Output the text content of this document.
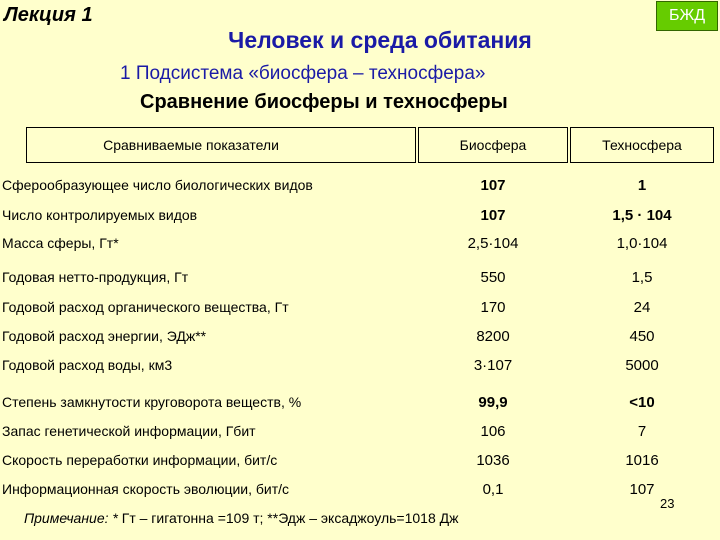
Лекция 1	БЖД
Человек и среда обитания
1 Подсистема «биосфера – техносфера»
Сравнение биосферы и техносферы
Сравниваемые показатели	Биосфера	Техносфера
Сферообразующее число биологических видов	107	1
Число контролируемых видов	107	1,5 · 104
Масса сферы, Гт*	2,5·104	1,0·104
Годовая нетто-продукция, Гт	550	1,5
Годовой расход органического вещества, Гт	170	24
Годовой расход энергии, ЭДж**	8200	450
Годовой расход воды, км3	3·107	5000
Степень замкнутости круговорота веществ, %	99,9	<10
Запас генетической информации, Гбит	106	7
Скорость переработки информации, бит/с	1036	1016
Информационная скорость эволюции, бит/с	0,1	107
Примечание: * Гт – гигатонна =109 т; **Эдж – эксаджоуль=1018 Дж
23
